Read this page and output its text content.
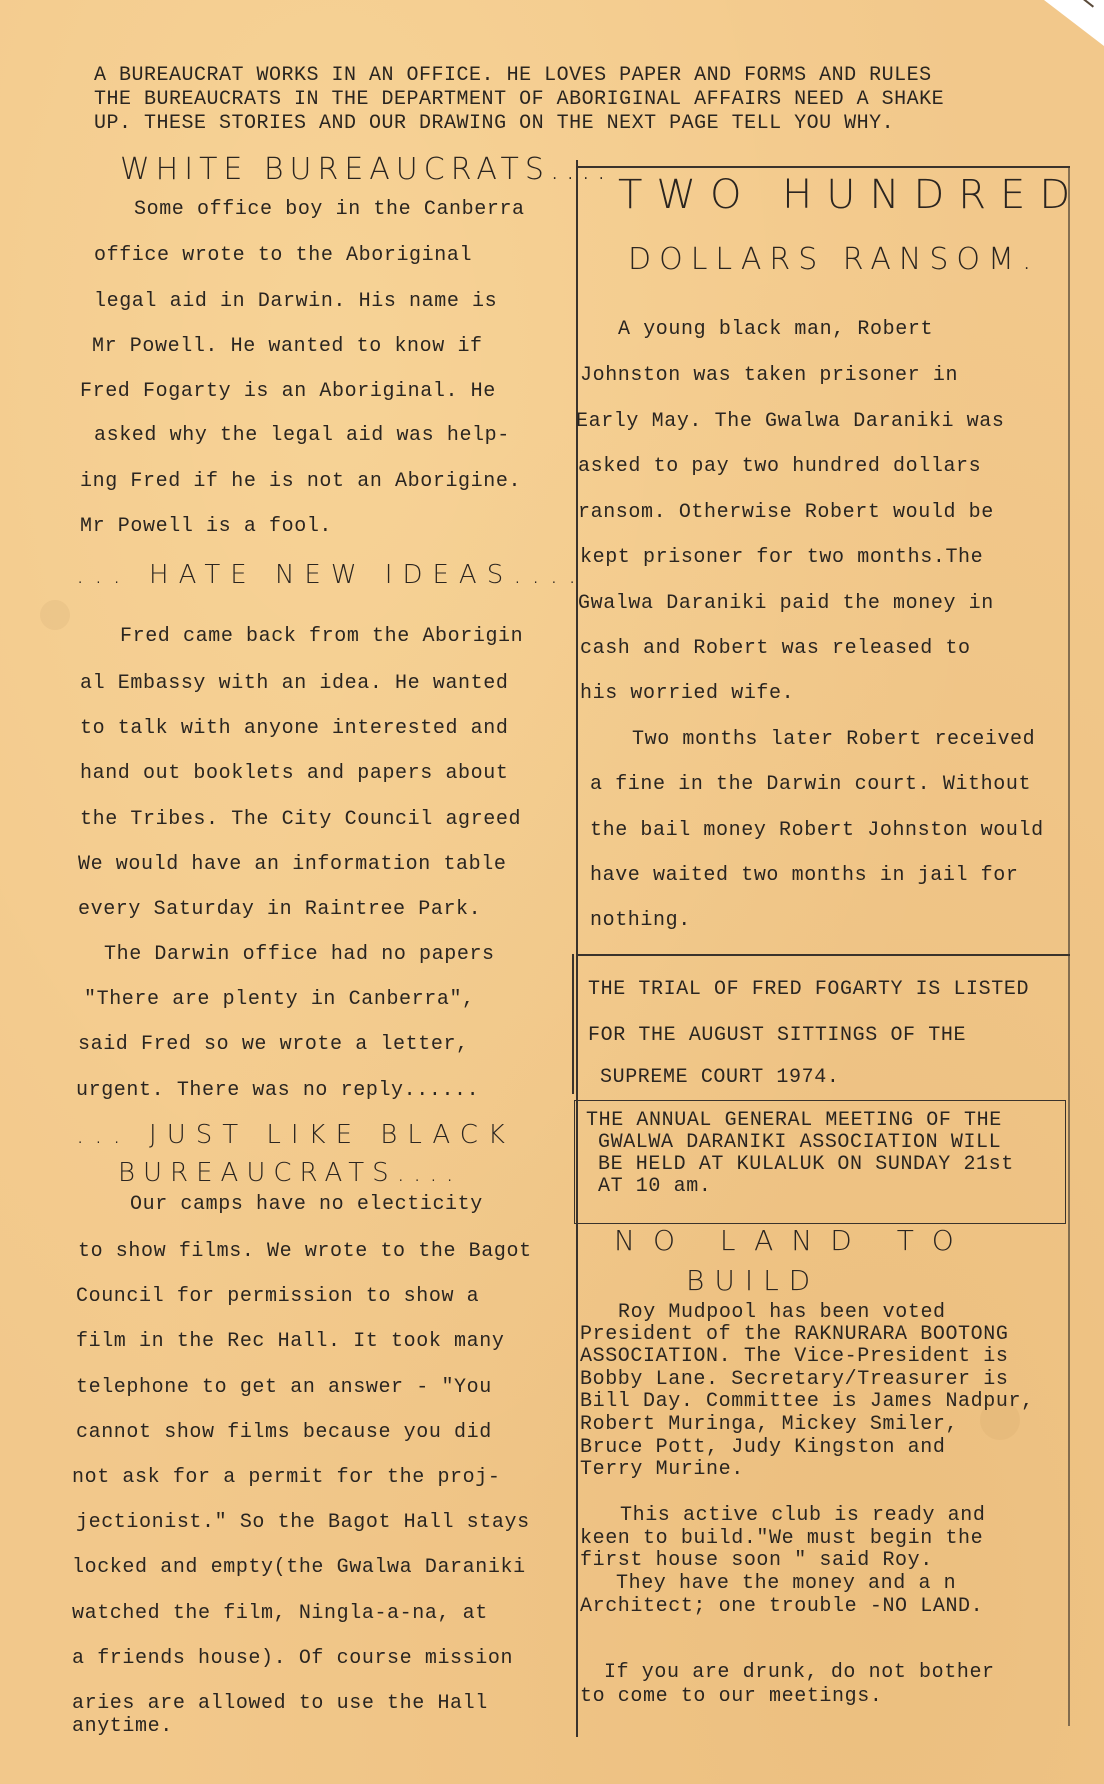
A BUREAUCRAT WORKS IN AN OFFICE. HE LOVES PAPER AND FORMS AND RULES
THE BUREAUCRATS IN THE DEPARTMENT OF ABORIGINAL AFFAIRS NEED A SHAKE
UP. THESE STORIES AND OUR DRAWING ON THE NEXT PAGE TELL YOU WHY.
WHITE BUREAUCRATS....
Some office boy in the Canberra
office wrote to the Aboriginal
legal aid in Darwin. His name is
Mr Powell. He wanted to know if
Fred Fogarty is an Aboriginal. He
asked why the legal aid was help-
ing Fred if he is not an Aborigine.
Mr Powell is a fool.
... HATE NEW IDEAS....
Fred came back from the Aborigin
al Embassy with an idea. He wanted
to talk with anyone interested and
hand out booklets and papers about
the Tribes. The City Council agreed
We would have an information table
every Saturday in Raintree Park.
The Darwin office had no papers
"There are plenty in Canberra",
said Fred so we wrote a letter,
urgent. There was no reply......
... JUST LIKE BLACK
BUREAUCRATS....
Our camps have no electicity
to show films. We wrote to the Bagot
Council for permission to show a
film in the Rec Hall. It took many
telephone to get an answer - "You
cannot show films because you did
not ask for a permit for the proj-
jectionist." So the Bagot Hall stays
locked and empty(the Gwalwa Daraniki
watched the film, Ningla-a-na, at
a friends house). Of course mission
aries are allowed to use the Hall
anytime.
TWO HUNDRED
DOLLARS RANSOM.
A young black man, Robert
Johnston was taken prisoner in
Early May. The Gwalwa Daraniki was
asked to pay two hundred dollars
ransom. Otherwise Robert would be
kept prisoner for two months.The
Gwalwa Daraniki paid the money in
cash and Robert was released to
his worried wife.
Two months later Robert received
a fine in the Darwin court. Without
the bail money Robert Johnston would
have waited two months in jail for
nothing.
THE TRIAL OF FRED FOGARTY IS LISTED
FOR THE AUGUST SITTINGS OF THE
SUPREME COURT 1974.
THE ANNUAL GENERAL MEETING OF THE
GWALWA DARANIKI ASSOCIATION WILL
BE HELD AT KULALUK ON SUNDAY 21st
AT 10 am.
NO LAND TO
BUILD
Roy Mudpool has been voted
President of the RAKNURARA BOOTONG
ASSOCIATION. The Vice-President is
Bobby Lane. Secretary/Treasurer is
Bill Day. Committee is James Nadpur,
Robert Muringa, Mickey Smiler,
Bruce Pott, Judy Kingston and
Terry Murine.
This active club is ready and
keen to build."We must begin the
first house soon " said Roy.
They have the money and a n
Architect; one trouble -NO LAND.
If you are drunk, do not bother
to come to our meetings.
